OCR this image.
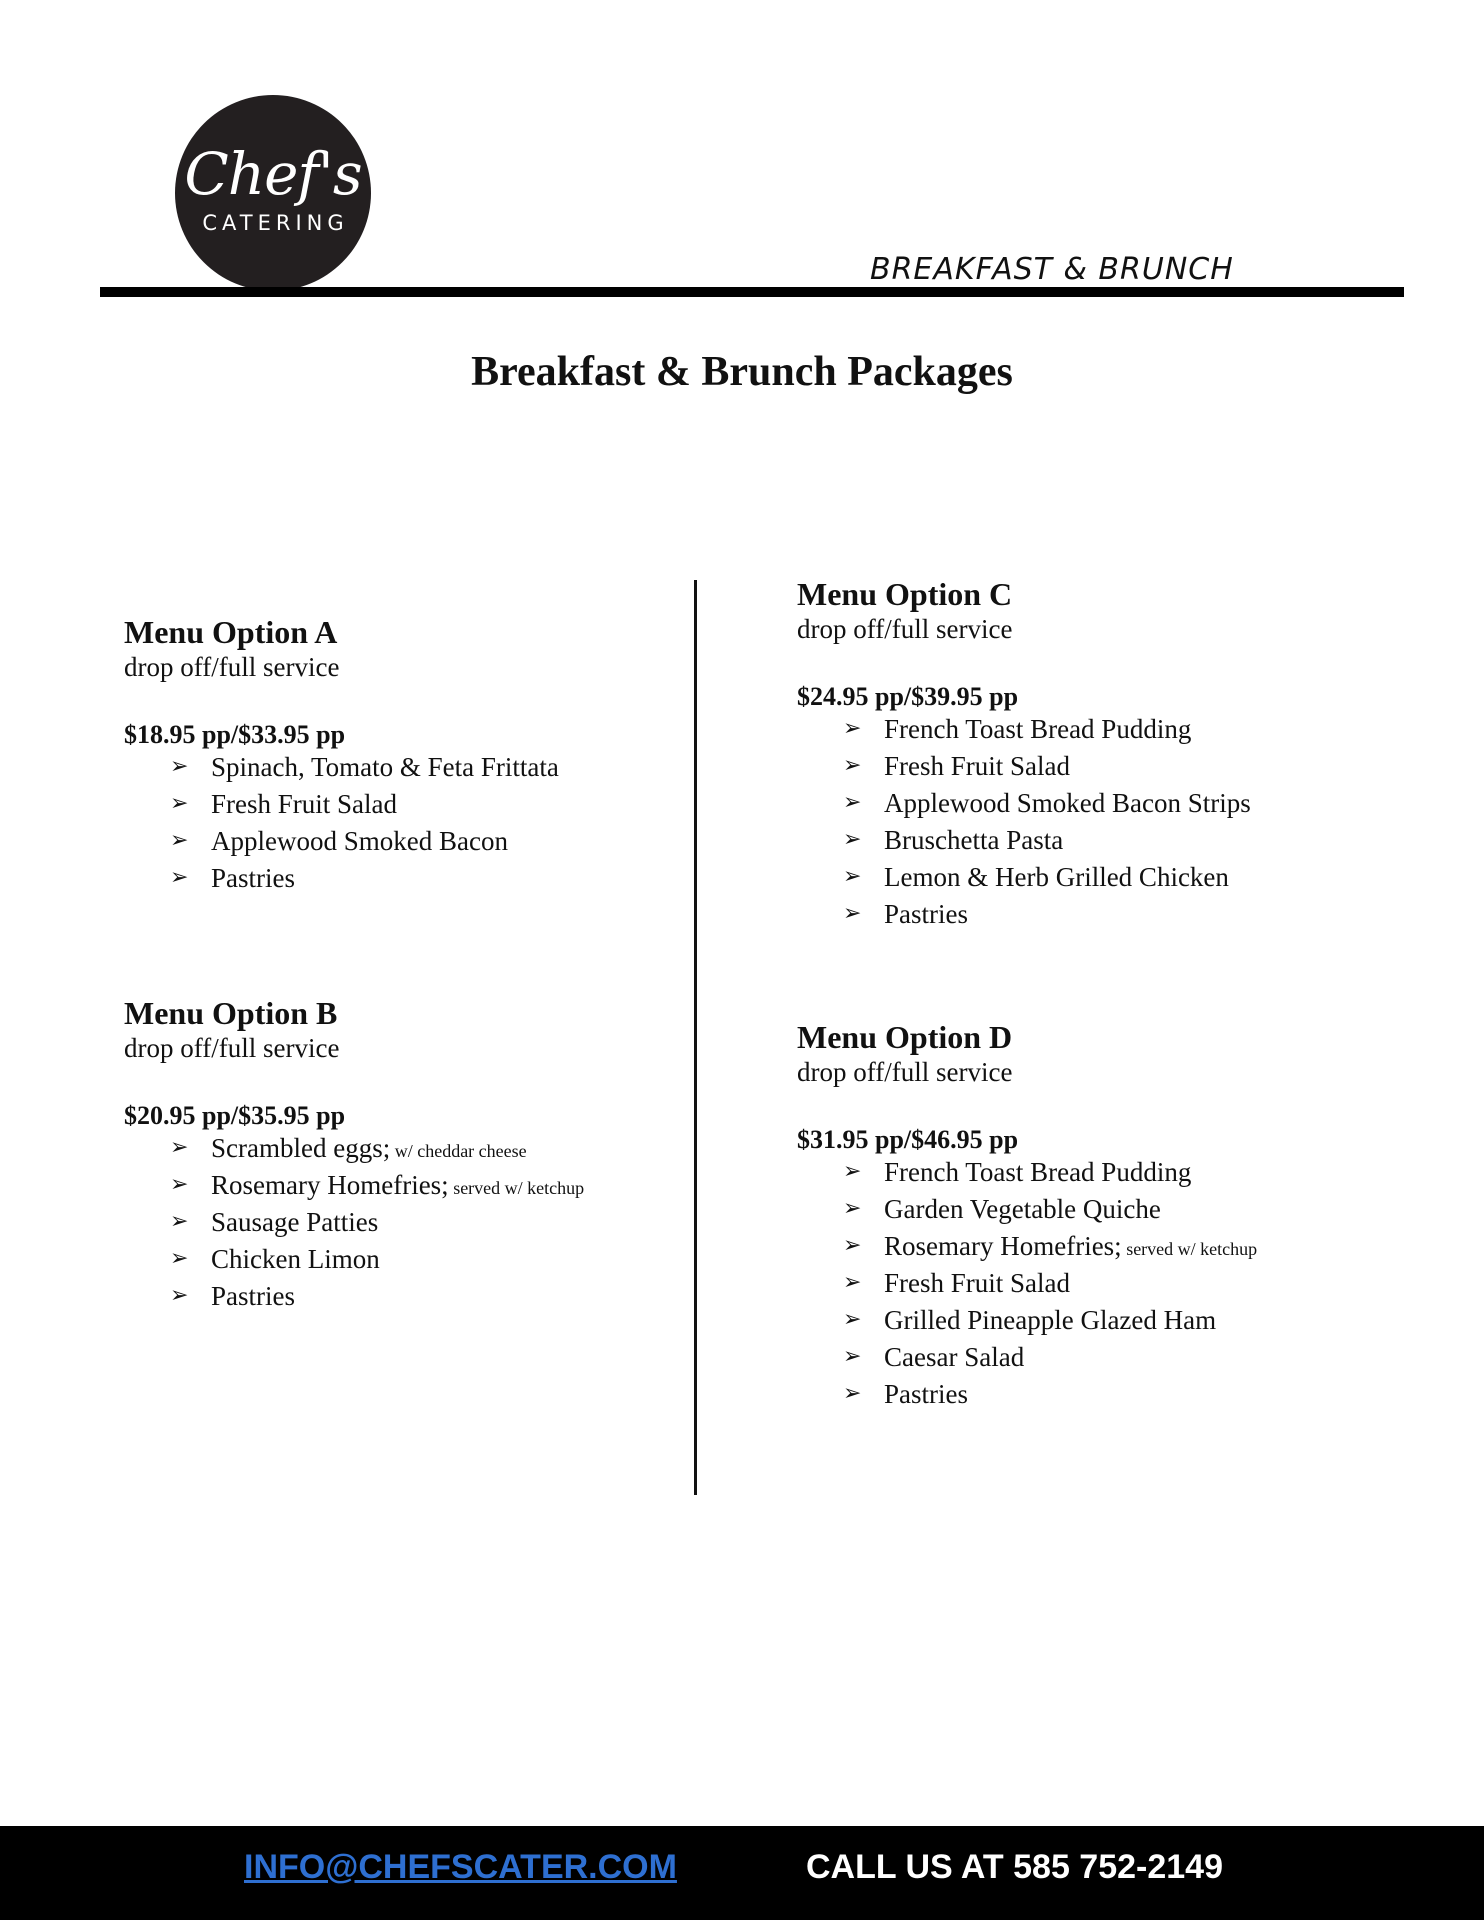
Chef's
CATERING
BREAKFAST & BRUNCH
Breakfast & Brunch Packages
Menu Option A
drop off/full service
$18.95 pp/$33.95 pp
➢ Spinach, Tomato & Feta Frittata
➢ Fresh Fruit Salad
➢ Applewood Smoked Bacon
➢ Pastries
Menu Option B
drop off/full service
$20.95 pp/$35.95 pp
➢ Scrambled eggs; w/ cheddar cheese
➢ Rosemary Homefries; served w/ ketchup
➢ Sausage Patties
➢ Chicken Limon
➢ Pastries
Menu Option C
drop off/full service
$24.95 pp/$39.95 pp
➢ French Toast Bread Pudding
➢ Fresh Fruit Salad
➢ Applewood Smoked Bacon Strips
➢ Bruschetta Pasta
➢ Lemon & Herb Grilled Chicken
➢ Pastries
Menu Option D
drop off/full service
$31.95 pp/$46.95 pp
➢ French Toast Bread Pudding
➢ Garden Vegetable Quiche
➢ Rosemary Homefries; served w/ ketchup
➢ Fresh Fruit Salad
➢ Grilled Pineapple Glazed Ham
➢ Caesar Salad
➢ Pastries
INFO@CHEFSCATER.COM	CALL US AT 585 752-2149
